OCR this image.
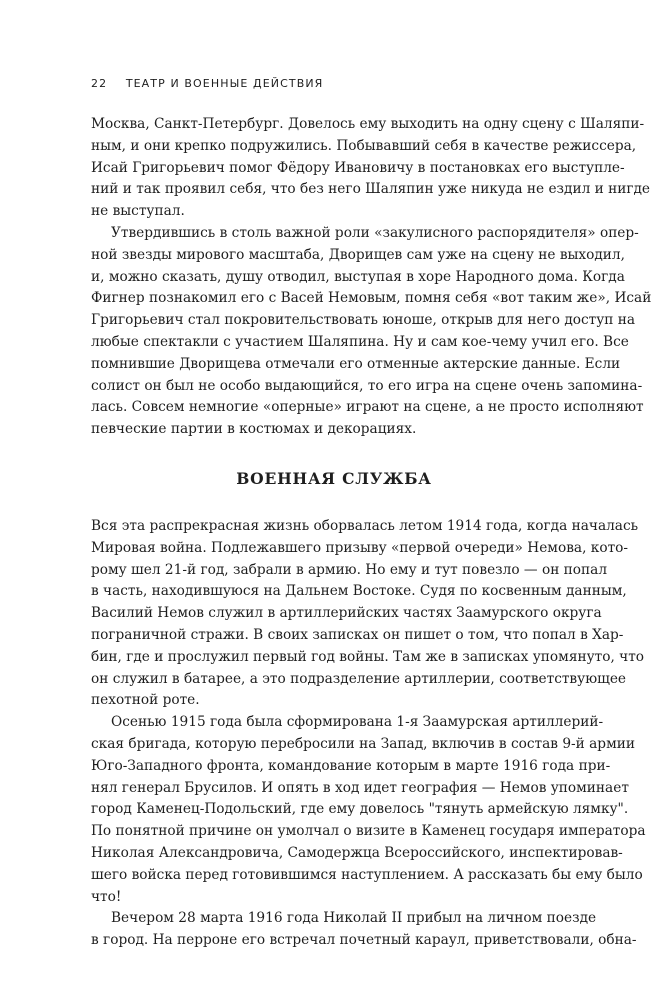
22 ТЕАТР И ВОЕННЫЕ ДЕЙСТВИЯ
Москва, Санкт-Петербург. Довелось ему выходить на одну сцену с Шаляпи-
ным, и они крепко подружились. Побывавший себя в качестве режиссера,
Исай Григорьевич помог Фёдору Ивановичу в постановках его выступле-
ний и так проявил себя, что без него Шаляпин уже никуда не ездил и нигде
не выступал.
Утвердившись в столь важной роли «закулисного распорядителя» опер-
ной звезды мирового масштаба, Дворищев сам уже на сцену не выходил,
и, можно сказать, душу отводил, выступая в хоре Народного дома. Когда
Фигнер познакомил его с Васей Немовым, помня себя «вот таким же», Исай
Григорьевич стал покровительствовать юноше, открыв для него доступ на
любые спектакли с участием Шаляпина. Ну и сам кое-чему учил его. Все
помнившие Дворищева отмечали его отменные актерские данные. Если
солист он был не особо выдающийся, то его игра на сцене очень запомина-
лась. Совсем немногие «оперные» играют на сцене, а не просто исполняют
певческие партии в костюмах и декорациях.
ВОЕННАЯ СЛУЖБА
Вся эта распрекрасная жизнь оборвалась летом 1914 года, когда началась
Мировая война. Подлежавшего призыву «первой очереди» Немова, кото-
рому шел 21-й год, забрали в армию. Но ему и тут повезло — он попал
в часть, находившуюся на Дальнем Востоке. Судя по косвенным данным,
Василий Немов служил в артиллерийских частях Заамурского округа
пограничной стражи. В своих записках он пишет о том, что попал в Хар-
бин, где и прослужил первый год войны. Там же в записках упомянуто, что
он служил в батарее, а это подразделение артиллерии, соответствующее
пехотной роте.
Осенью 1915 года была сформирована 1-я Заамурская артиллерий-
ская бригада, которую перебросили на Запад, включив в состав 9-й армии
Юго-Западного фронта, командование которым в марте 1916 года при-
нял генерал Брусилов. И опять в ход идет география — Немов упоминает
город Каменец-Подольский, где ему довелось "тянуть армейскую лямку".
По понятной причине он умолчал о визите в Каменец государя императора
Николая Александровича, Самодержца Всероссийского, инспектировав-
шего войска перед готовившимся наступлением. А рассказать бы ему было
что!
Вечером 28 марта 1916 года Николай II прибыл на личном поезде
в город. На перроне его встречал почетный караул, приветствовали, обна-
